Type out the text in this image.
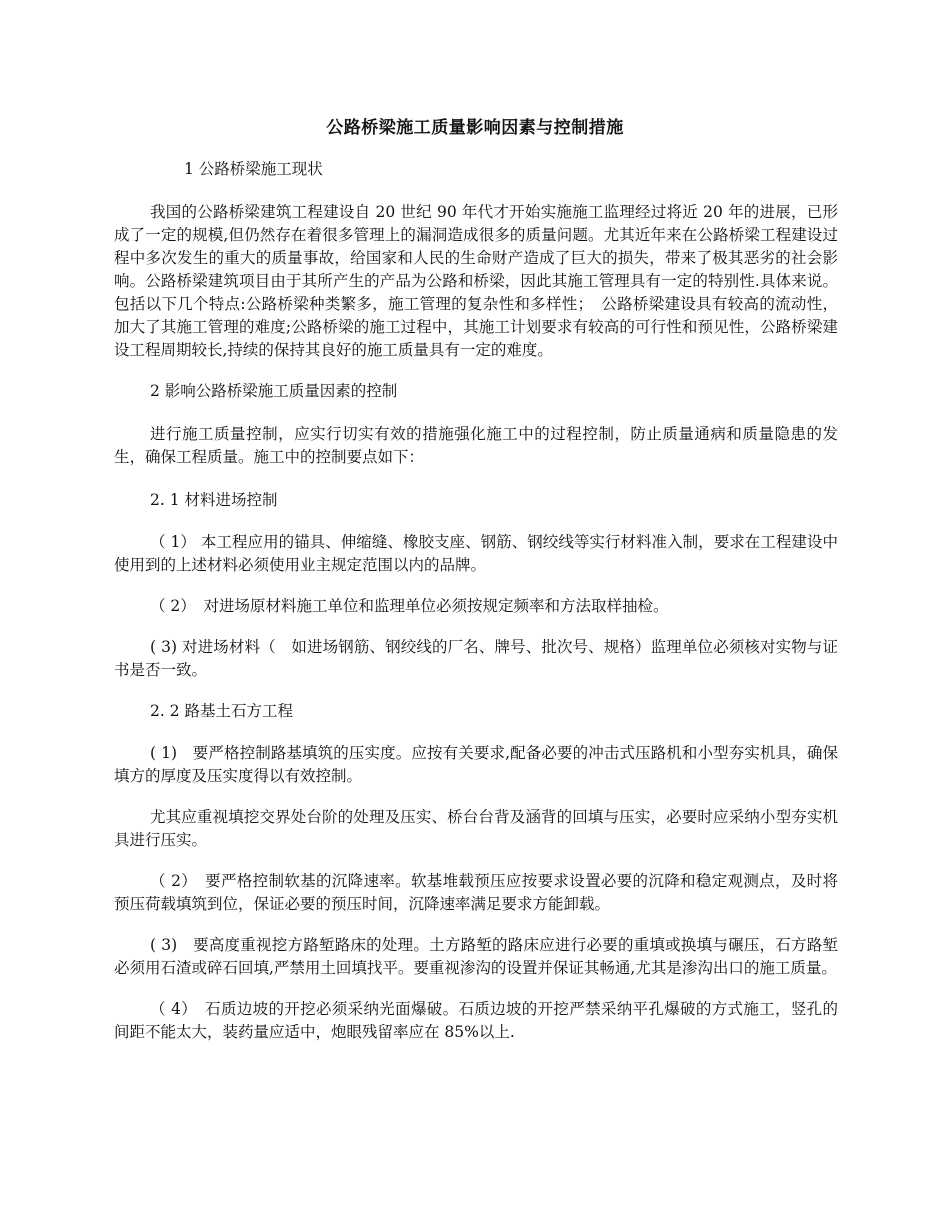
公路桥梁施工质量影响因素与控制措施

1 公路桥梁施工现状

我国的公路桥梁建筑工程建设自 20 世纪 90 年代才开始实施施工监理经过将近 20 年的进展，已形成了一定的规模,但仍然存在着很多管理上的漏洞造成很多的质量问题。尤其近年来在公路桥梁工程建设过程中多次发生的重大的质量事故，给国家和人民的生命财产造成了巨大的损失，带来了极其恶劣的社会影响。公路桥梁建筑项目由于其所产生的产品为公路和桥梁，因此其施工管理具有一定的特别性.具体来说。包括以下几个特点:公路桥梁种类繁多，施工管理的复杂性和多样性；　公路桥梁建设具有较高的流动性，加大了其施工管理的难度;公路桥梁的施工过程中，其施工计划要求有较高的可行性和预见性，公路桥梁建设工程周期较长,持续的保持其良好的施工质量具有一定的难度。

2 影响公路桥梁施工质量因素的控制

进行施工质量控制，应实行切实有效的措施强化施工中的过程控制，防止质量通病和质量隐患的发生，确保工程质量。施工中的控制要点如下：

2. 1 材料进场控制

（ 1） 本工程应用的锚具、伸缩缝、橡胶支座、钢筋、钢绞线等实行材料准入制，要求在工程建设中使用到的上述材料必须使用业主规定范围以内的品牌。

（ 2）　对进场原材料施工单位和监理单位必须按规定频率和方法取样抽检。

( 3) 对进场材料（　如进场钢筋、钢绞线的厂名、牌号、批次号、规格）监理单位必须核对实物与证书是否一致。

2. 2 路基土石方工程

( 1)　要严格控制路基填筑的压实度。应按有关要求,配备必要的冲击式压路机和小型夯实机具，确保填方的厚度及压实度得以有效控制。

尤其应重视填挖交界处台阶的处理及压实、桥台台背及涵背的回填与压实，必要时应采纳小型夯实机具进行压实。

（ 2）　要严格控制软基的沉降速率。软基堆载预压应按要求设置必要的沉降和稳定观测点，及时将预压荷载填筑到位，保证必要的预压时间，沉降速率满足要求方能卸载。

( 3)　要高度重视挖方路堑路床的处理。土方路堑的路床应进行必要的重填或换填与碾压，石方路堑必须用石渣或碎石回填,严禁用土回填找平。要重视渗沟的设置并保证其畅通,尤其是渗沟出口的施工质量。

（ 4）　石质边坡的开挖必须采纳光面爆破。石质边坡的开挖严禁采纳平孔爆破的方式施工，竖孔的间距不能太大，装药量应适中，炮眼残留率应在 85%以上.
